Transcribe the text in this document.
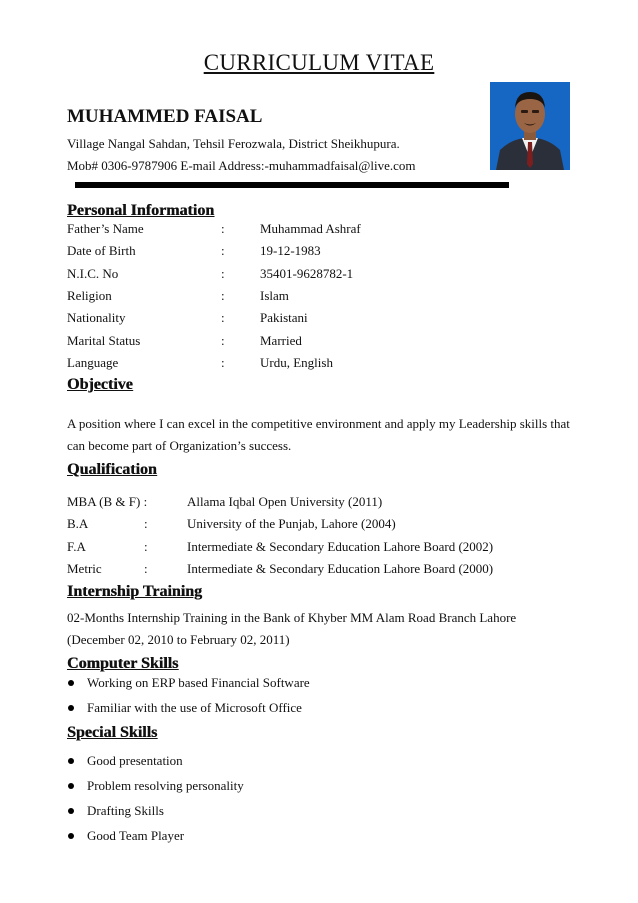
CURRICULUM VITAE
MUHAMMED FAISAL
Village Nangal Sahdan, Tehsil Ferozwala, District Sheikhupura.
Mob# 0306-9787906 E-mail Address:-muhammadfaisal@live.com
Personal Information
Father’s Name	:	Muhammad Ashraf
Date of Birth	:	19-12-1983
N.I.C. No	:	35401-9628782-1
Religion	:	Islam
Nationality	:	Pakistani
Marital Status	:	Married
Language	:	Urdu, English
Objective
A position where I can excel in the competitive environment and apply my Leadership skills that
can become part of Organization’s success.
Qualification
MBA (B & F) :	Allama Iqbal Open University (2011)
B.A	:	University of the Punjab, Lahore (2004)
F.A	:	Intermediate & Secondary Education Lahore Board (2002)
Metric	:	Intermediate & Secondary Education Lahore Board (2000)
Internship Training
02-Months Internship Training in the Bank of Khyber MM Alam Road Branch Lahore
(December 02, 2010 to February 02, 2011)
Computer Skills
Working on ERP based Financial Software
Familiar with the use of Microsoft Office
Special Skills
Good presentation
Problem resolving personality
Drafting Skills
Good Team Player
